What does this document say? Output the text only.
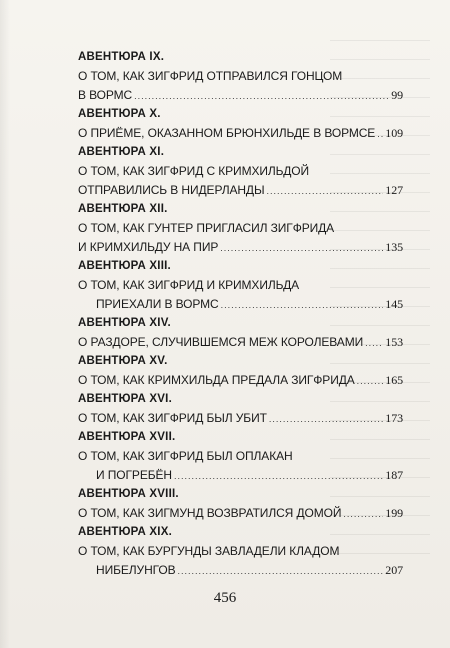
АВЕНТЮРА IX.
О ТОМ, КАК ЗИГФРИД ОТПРАВИЛСЯ ГОНЦОМ
В ВОРМС .....	99
АВЕНТЮРА X.
О ПРИЁМЕ, ОКАЗАННОМ БРЮНХИЛЬДЕ В ВОРМСЕ ..... 109
АВЕНТЮРА XI.
О ТОМ, КАК ЗИГФРИД С КРИМХИЛЬДОЙ
ОТПРАВИЛИСЬ В НИДЕРЛАНДЫ .....	127
АВЕНТЮРА XII.
О ТОМ, КАК ГУНТЕР ПРИГЛАСИЛ ЗИГФРИДА
И КРИМХИЛЬДУ НА ПИР .....	135
АВЕНТЮРА XIII.
О ТОМ, КАК ЗИГФРИД И КРИМХИЛЬДА
ПРИЕХАЛИ В ВОРМС .....	145
АВЕНТЮРА XIV.
О РАЗДОРЕ, СЛУЧИВШЕМСЯ МЕЖ КОРОЛЕВАМИ ..... 153
АВЕНТЮРА XV.
О ТОМ, КАК КРИМХИЛЬДА ПРЕДАЛА ЗИГФРИДА .....	165
АВЕНТЮРА XVI.
О ТОМ, КАК ЗИГФРИД БЫЛ УБИТ .....	173
АВЕНТЮРА XVII.
О ТОМ, КАК ЗИГФРИД БЫЛ ОПЛАКАН
И ПОГРЕБЁН .....	187
АВЕНТЮРА XVIII.
О ТОМ, КАК ЗИГМУНД ВОЗВРАТИЛСЯ ДОМОЙ .....	199
АВЕНТЮРА XIX.
О ТОМ, КАК БУРГУНДЫ ЗАВЛАДЕЛИ КЛАДОМ
НИБЕЛУНГОВ .....	207
456
